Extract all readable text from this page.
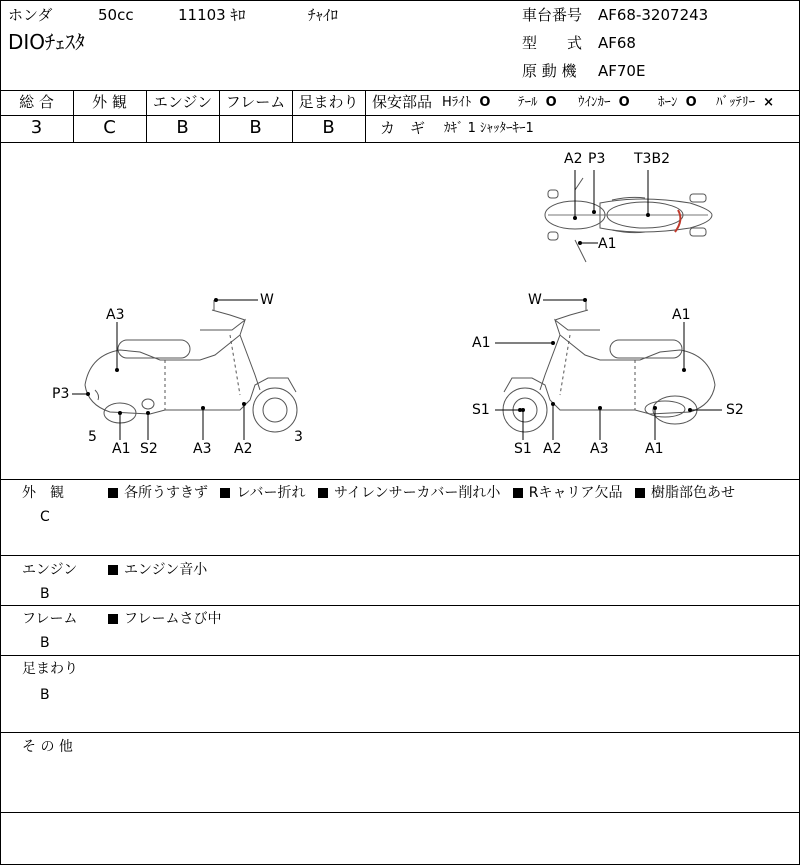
ホンダ	50cc	11103 ｷﾛ	ﾁｬｲﾛ
DIOﾁｪｽﾀ
車台番号 AF68-3207243
型　　式 AF68
原 動 機 AF70E
総 合	外 観	エンジン フレーム 足まわり
3	C	B	B	B
保安部品 Hﾗｲﾄ O ﾃｰﾙ O ｳｲﾝｶｰ O ﾎｰﾝ O ﾊﾞｯﾃﾘｰ ×
カ　ギ ｶｷﾞ 1 ｼｬｯﾀｰｷｰ1
A2 P3 T3B2
A1
W
A3
P3
5
A1 S2	A3 A2
3
W
A1
A1
S1	S2
S1 A2 A3	A1
外　観
C
各所うすきず レバー折れ サイレンサーカバー削れ小 Rキャリア欠品 樹脂部色あせ
エンジン
B
エンジン音小
フレーム
B
フレームさび中
足まわり
B
そ の 他
